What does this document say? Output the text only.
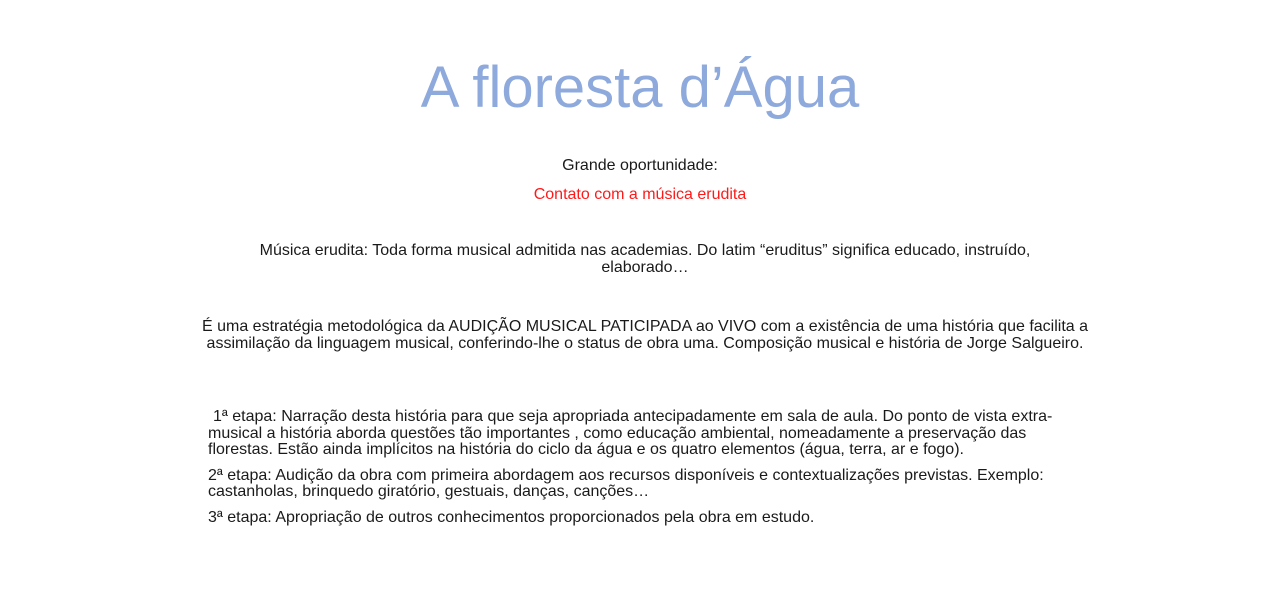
A floresta d’Água
Grande oportunidade:
Contato com a música erudita
Música erudita: Toda forma musical admitida nas academias. Do latim “eruditus” significa educado, instruído, elaborado…
É uma estratégia metodológica da AUDIÇÃO MUSICAL PATICIPADA ao VIVO com a existência de uma história que facilita a assimilação da linguagem musical, conferindo-lhe o status de obra uma. Composição musical e história de Jorge Salgueiro.

1ª etapa: Narração desta história para que seja apropriada antecipadamente em sala de aula. Do ponto de vista extra-musical a história aborda questões tão importantes , como educação ambiental, nomeadamente a preservação das florestas. Estão ainda implícitos na história do ciclo da água e os quatro elementos (água, terra, ar e fogo).

2ª etapa: Audição da obra com primeira abordagem aos recursos disponíveis e contextualizações previstas. Exemplo: castanholas, brinquedo giratório, gestuais, danças, canções…

3ª etapa: Apropriação de outros conhecimentos proporcionados pela obra em estudo.
